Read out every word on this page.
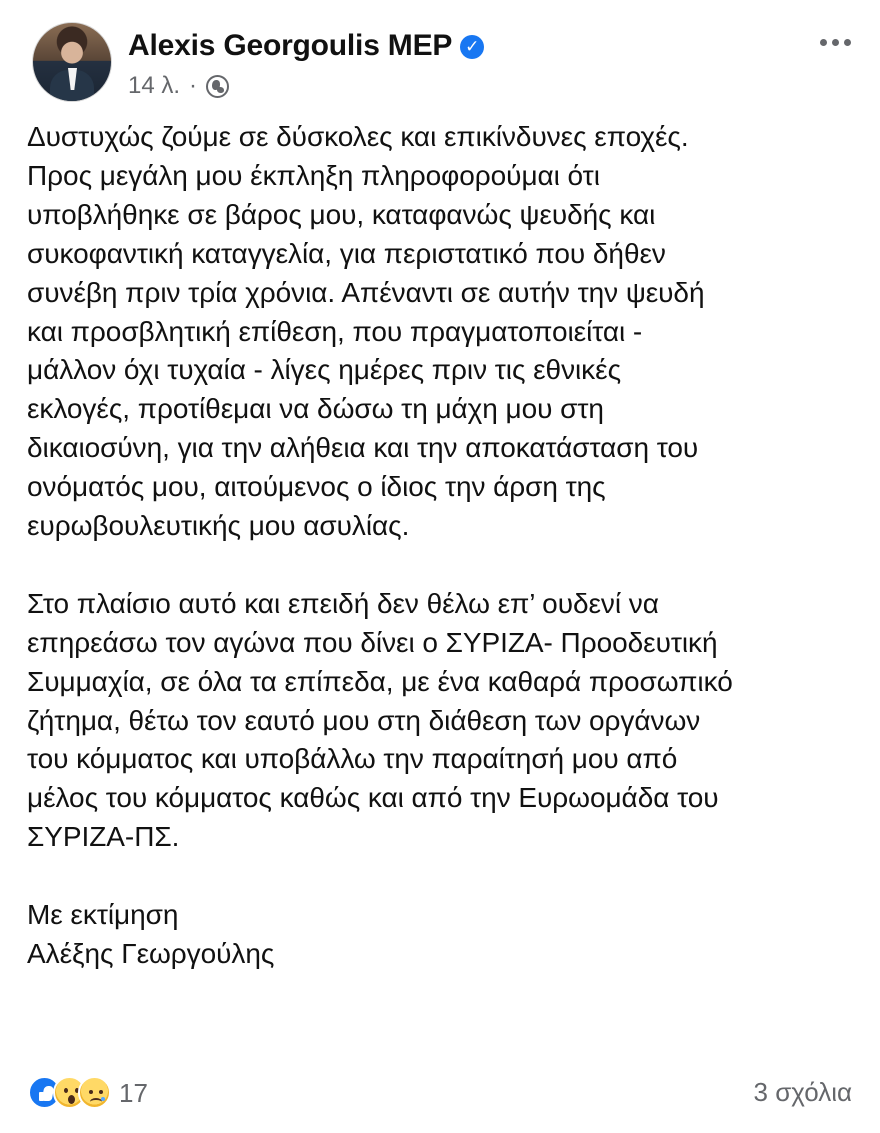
Alexis Georgoulis MEP ✓
14 λ. ·

Δυστυχώς ζούμε σε δύσκολες και επικίνδυνες εποχές.
Προς μεγάλη μου έκπληξη πληροφορούμαι ότι
υποβλήθηκε σε βάρος μου, καταφανώς ψευδής και
συκοφαντική καταγγελία, για περιστατικό που δήθεν
συνέβη πριν τρία χρόνια. Απέναντι σε αυτήν την ψευδή
και προσβλητική επίθεση, που πραγματοποιείται -
μάλλον όχι τυχαία - λίγες ημέρες πριν τις εθνικές
εκλογές, προτίθεμαι να δώσω τη μάχη μου στη
δικαιοσύνη, για την αλήθεια και την αποκατάσταση του
ονόματός μου, αιτούμενος ο ίδιος την άρση της
ευρωβουλευτικής μου ασυλίας.

Στο πλαίσιο αυτό και επειδή δεν θέλω επ’ ουδενί να
επηρεάσω τον αγώνα που δίνει ο ΣΥΡΙΖΑ- Προοδευτική
Συμμαχία, σε όλα τα επίπεδα, με ένα καθαρά προσωπικό
ζήτημα, θέτω τον εαυτό μου στη διάθεση των οργάνων
του κόμματος και υποβάλλω την παραίτησή μου από
μέλος του κόμματος καθώς και από την Ευρωομάδα του
ΣΥΡΙΖΑ-ΠΣ.

Με εκτίμηση
Αλέξης Γεωργούλης

17	3 σχόλια
